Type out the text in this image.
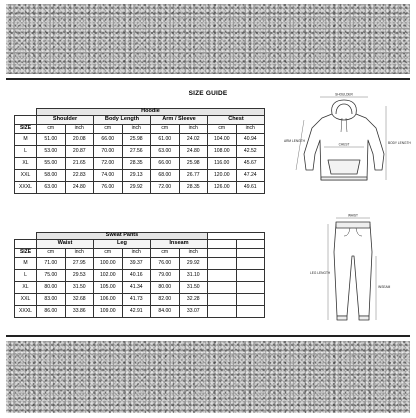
SIZE GUIDE
	Hoodie							
	Shoulder		Body Length		Arm / Sleeve		Chest	
SIZE	cm	inch	cm	inch	cm	inch	cm	inch
M	51.00	20.08	66.00	25.98	61.00	24.02	104.00	40.94
L	53.00	20.87	70.00	27.56	63.00	24.80	108.00	42.52
XL	55.00	21.65	72.00	28.35	66.00	25.98	116.00	45.67
XXL	58.00	22.83	74.00	29.13	68.00	26.77	120.00	47.24
XXXL	63.00	24.80	76.00	29.92	72.00	28.35	126.00	49.61
SHOULDER
CHEST	BODY LENGTH
ARM LENGTH
	Sweat Pants							
	Waist		Leg		Inseam			
SIZE	cm	inch	cm	inch	cm	inch		
M	71.00	27.95	100.00	39.37	76.00	29.92		
L	75.00	29.53	102.00	40.16	79.00	31.10		
XL	80.00	31.50	105.00	41.34	80.00	31.50		
XXL	83.00	32.68	106.00	41.73	82.00	32.28		
XXXL	86.00	33.86	109.00	42.91	84.00	33.07		
WAIST
LEG LENGTH
INSEAM
